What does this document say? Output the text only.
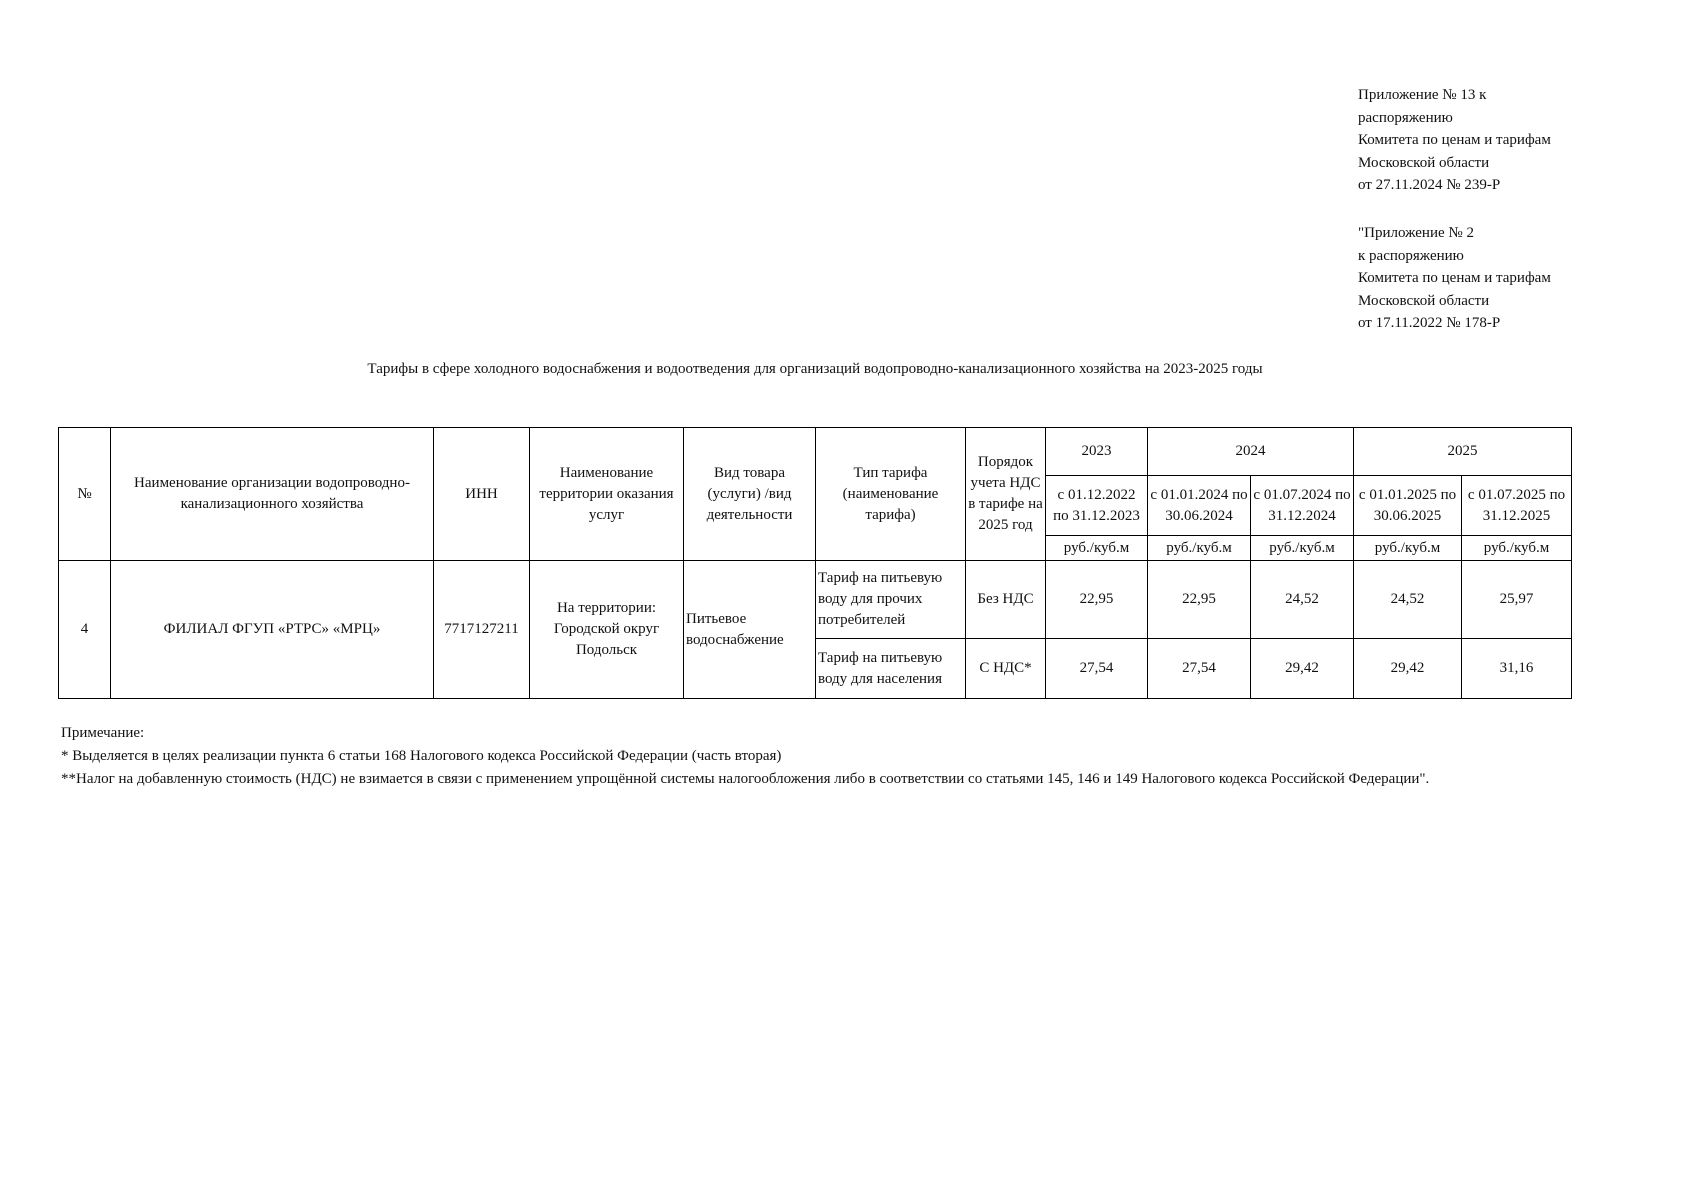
Приложение № 13 к
распоряжению
Комитета по ценам и тарифам
Московской области
от 27.11.2024 № 239-Р
"Приложение № 2
к распоряжению
Комитета по ценам и тарифам
Московской области
от 17.11.2022 № 178-Р
Тарифы в сфере холодного водоснабжения и водоотведения для организаций водопроводно-канализационного хозяйства на 2023-2025 годы
№	Наименование организации водопроводно-канализационного хозяйства	ИНН	Наименование территории оказания услуг	Вид товара (услуги) /вид деятельности	Тип тарифа (наименование тарифа)	Порядок учета НДС в тарифе на 2025 год	2023	2024		2025	
							с 01.12.2022 по 31.12.2023	с 01.01.2024 по 30.06.2024	с 01.07.2024 по 31.12.2024	с 01.01.2025 по 30.06.2025	с 01.07.2025 по 31.12.2025
							руб./куб.м	руб./куб.м	руб./куб.м	руб./куб.м	руб./куб.м
4	ФИЛИАЛ ФГУП «РТРС» «МРЦ»	7717127211	На территории: Городской округ Подольск	Питьевое водоснабжение	Тариф на питьевую воду для прочих потребителей	Без НДС	22,95	22,95	24,52	24,52	25,97
					Тариф на питьевую воду для населения	С НДС*	27,54	27,54	29,42	29,42	31,16
Примечание:
* Выделяется в целях реализации пункта 6 статьи 168 Налогового кодекса Российской Федерации (часть вторая)
**Налог на добавленную стоимость (НДС) не взимается в связи с применением упрощённой системы налогообложения либо в соответствии со статьями 145, 146 и 149 Налогового кодекса Российской Федерации".
